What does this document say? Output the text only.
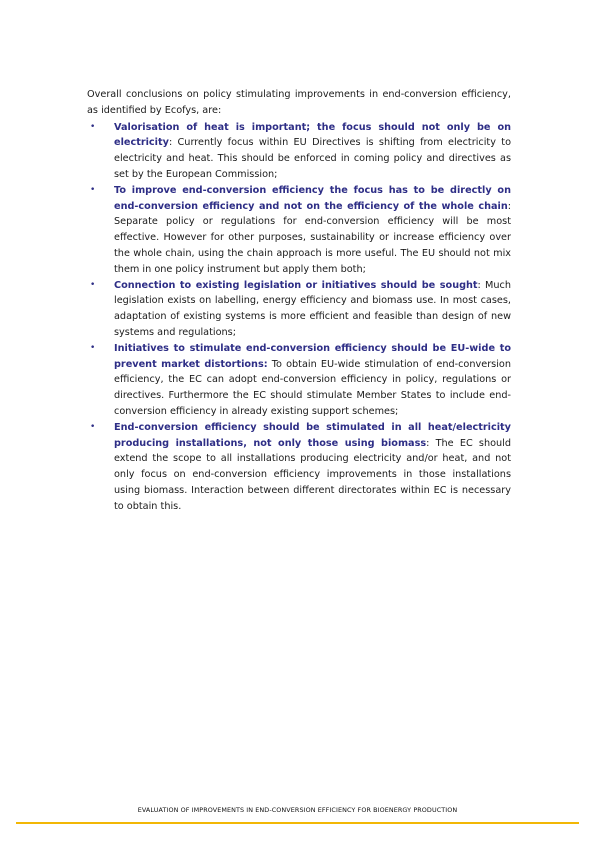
Overall conclusions on policy stimulating improvements in end-conversion efficiency, as identified by Ecofys, are:

• Valorisation of heat is important; the focus should not only be on electricity: Currently focus within EU Directives is shifting from electricity to electricity and heat. This should be enforced in coming policy and directives as set by the European Commission;
• To improve end-conversion efficiency the focus has to be directly on end-conversion efficiency and not on the efficiency of the whole chain: Separate policy or regulations for end-conversion efficiency will be most effective. However for other purposes, sustainability or increase efficiency over the whole chain, using the chain approach is more useful. The EU should not mix them in one policy instrument but apply them both;
• Connection to existing legislation or initiatives should be sought: Much legislation exists on labelling, energy efficiency and biomass use. In most cases, adaptation of existing systems is more efficient and feasible than design of new systems and regulations;
• Initiatives to stimulate end-conversion efficiency should be EU-wide to prevent market distortions: To obtain EU-wide stimulation of end-conversion efficiency, the EC can adopt end-conversion efficiency in policy, regulations or directives. Furthermore the EC should stimulate Member States to include end-conversion efficiency in already existing support schemes;
• End-conversion efficiency should be stimulated in all heat/electricity producing installations, not only those using biomass: The EC should extend the scope to all installations producing electricity and/or heat, and not only focus on end-conversion efficiency improvements in those installations using biomass. Interaction between different directorates within EC is necessary to obtain this.
EVALUATION OF IMPROVEMENTS IN END-CONVERSION EFFICIENCY FOR BIOENERGY PRODUCTION
